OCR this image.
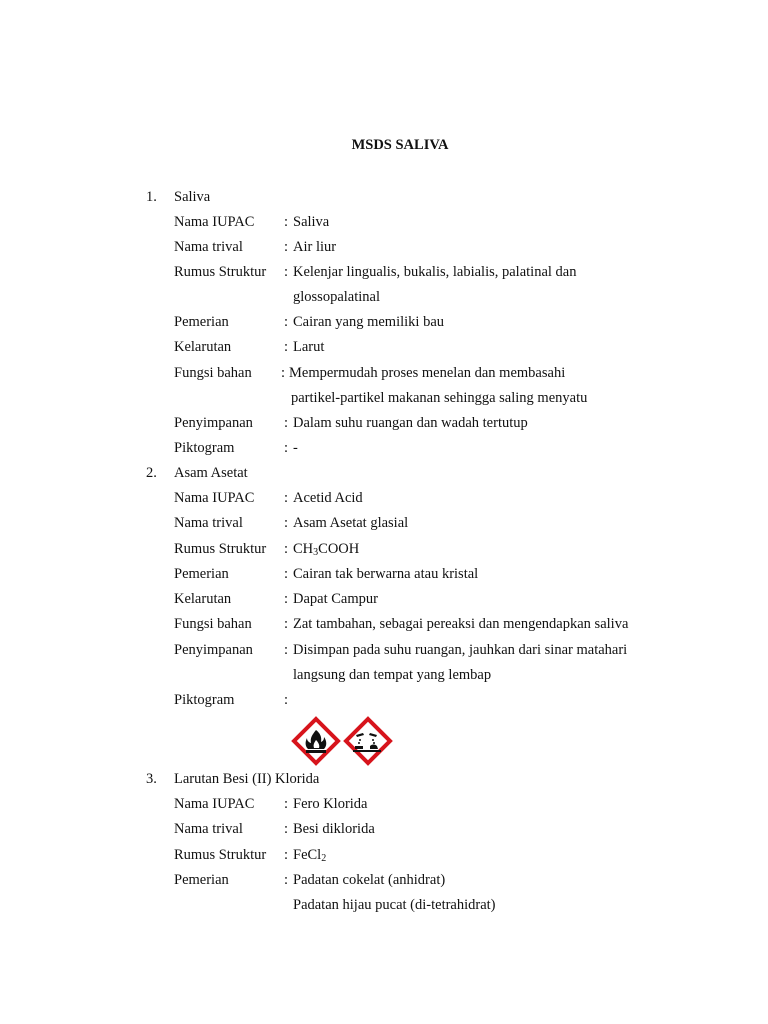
MSDS SALIVA
1. Saliva
Nama IUPAC : Saliva
Nama trival	: Air liur
Rumus Struktur : Kelenjar lingualis, bukalis, labialis, palatinal dan
glossopalatinal
Pemerian	: Cairan yang memiliki bau
Kelarutan	: Larut
Fungsi bahan : Mempermudah proses menelan dan membasahi
partikel-partikel makanan sehingga saling menyatu
Penyimpanan : Dalam suhu ruangan dan wadah tertutup
Piktogram	: -
2. Asam Asetat
Nama IUPAC : Acetid Acid
Nama trival	: Asam Asetat glasial
Rumus Struktur : $CH_3COOH$
Pemerian	: Cairan tak berwarna atau kristal
Kelarutan	: Dapat Campur
Fungsi bahan : Zat tambahan, sebagai pereaksi dan mengendapkan saliva
Penyimpanan : Disimpan pada suhu ruangan, jauhkan dari sinar matahari
langsung dan tempat yang lembap
Piktogram	:
3. Larutan Besi (II) Klorida
Nama IUPAC : Fero Klorida
Nama trival	: Besi diklorida
Rumus Struktur : FeCl$_2$
Pemerian	: Padatan cokelat (anhidrat)
Padatan hijau pucat (di-tetrahidrat)
